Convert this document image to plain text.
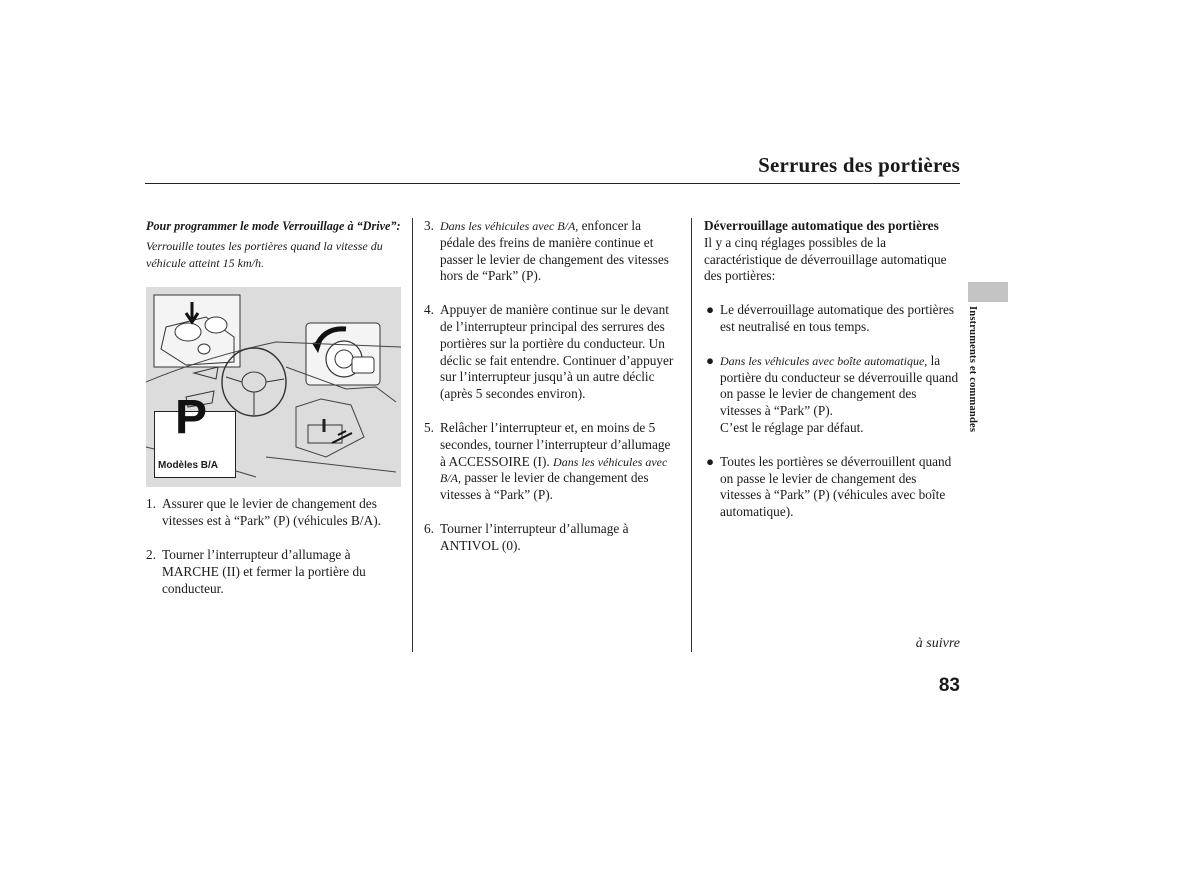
Serrures des portières
Pour programmer le mode Verrouillage à “Drive”:
Verrouille toutes les portières quand la vitesse du véhicule atteint 15 km/h.
P
Modèles B/A
1. Assurer que le levier de changement des vitesses est à “Park” (P) (véhicules B/A).
2. Tourner l’interrupteur d’allumage à MARCHE (II) et fermer la portière du conducteur.
3. Dans les véhicules avec B/A, enfoncer la pédale des freins de manière continue et passer le levier de changement des vitesses hors de “Park” (P).
4. Appuyer de manière continue sur le devant de l’interrupteur principal des serrures des portières sur la portière du conducteur. Un déclic se fait entendre. Continuer d’appuyer sur l’interrupteur jusqu’à un autre déclic (après 5 secondes environ).
5. Relâcher l’interrupteur et, en moins de 5 secondes, tourner l’interrupteur d’allumage à ACCESSOIRE (I). Dans les véhicules avec B/A, passer le levier de changement des vitesses à “Park” (P).
6. Tourner l’interrupteur d’allumage à ANTIVOL (0).
Déverrouillage automatique des portières
Il y a cinq réglages possibles de la caractéristique de déverrouillage automatique des portières:
● Le déverrouillage automatique des portières est neutralisé en tous temps.
● Dans les véhicules avec boîte automatique, la portière du conducteur se déverrouille quand on passe le levier de changement des vitesses à “Park” (P).
C’est le réglage par défaut.
● Toutes les portières se déverrouillent quand on passe le levier de changement des vitesses à “Park” (P) (véhicules avec boîte automatique).
Instruments et commandes
à suivre
83
